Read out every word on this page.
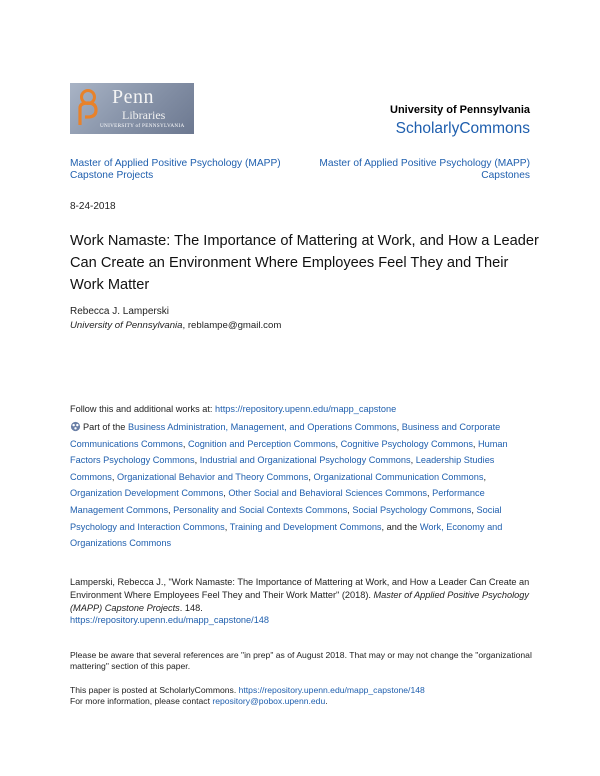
Penn
Libraries
UNIVERSITY of PENNSYLVANIA
University of Pennsylvania
ScholarlyCommons
Master of Applied Positive Psychology (MAPP) Capstone Projects
Master of Applied Positive Psychology (MAPP) Capstones
8-24-2018
Work Namaste: The Importance of Mattering at Work, and How a Leader Can Create an Environment Where Employees Feel They and Their Work Matter
Rebecca J. Lamperski
University of Pennsylvania, reblampe@gmail.com
Follow this and additional works at: https://repository.upenn.edu/mapp_capstone
Part of the Business Administration, Management, and Operations Commons, Business and Corporate Communications Commons, Cognition and Perception Commons, Cognitive Psychology Commons, Human Factors Psychology Commons, Industrial and Organizational Psychology Commons, Leadership Studies Commons, Organizational Behavior and Theory Commons, Organizational Communication Commons, Organization Development Commons, Other Social and Behavioral Sciences Commons, Performance Management Commons, Personality and Social Contexts Commons, Social Psychology Commons, Social Psychology and Interaction Commons, Training and Development Commons, and the Work, Economy and Organizations Commons
Lamperski, Rebecca J., "Work Namaste: The Importance of Mattering at Work, and How a Leader Can Create an Environment Where Employees Feel They and Their Work Matter" (2018). Master of Applied Positive Psychology (MAPP) Capstone Projects. 148.
https://repository.upenn.edu/mapp_capstone/148
Please be aware that several references are "in prep" as of August 2018. That may or may not change the "organizational mattering" section of this paper.
This paper is posted at ScholarlyCommons. https://repository.upenn.edu/mapp_capstone/148
For more information, please contact repository@pobox.upenn.edu.
